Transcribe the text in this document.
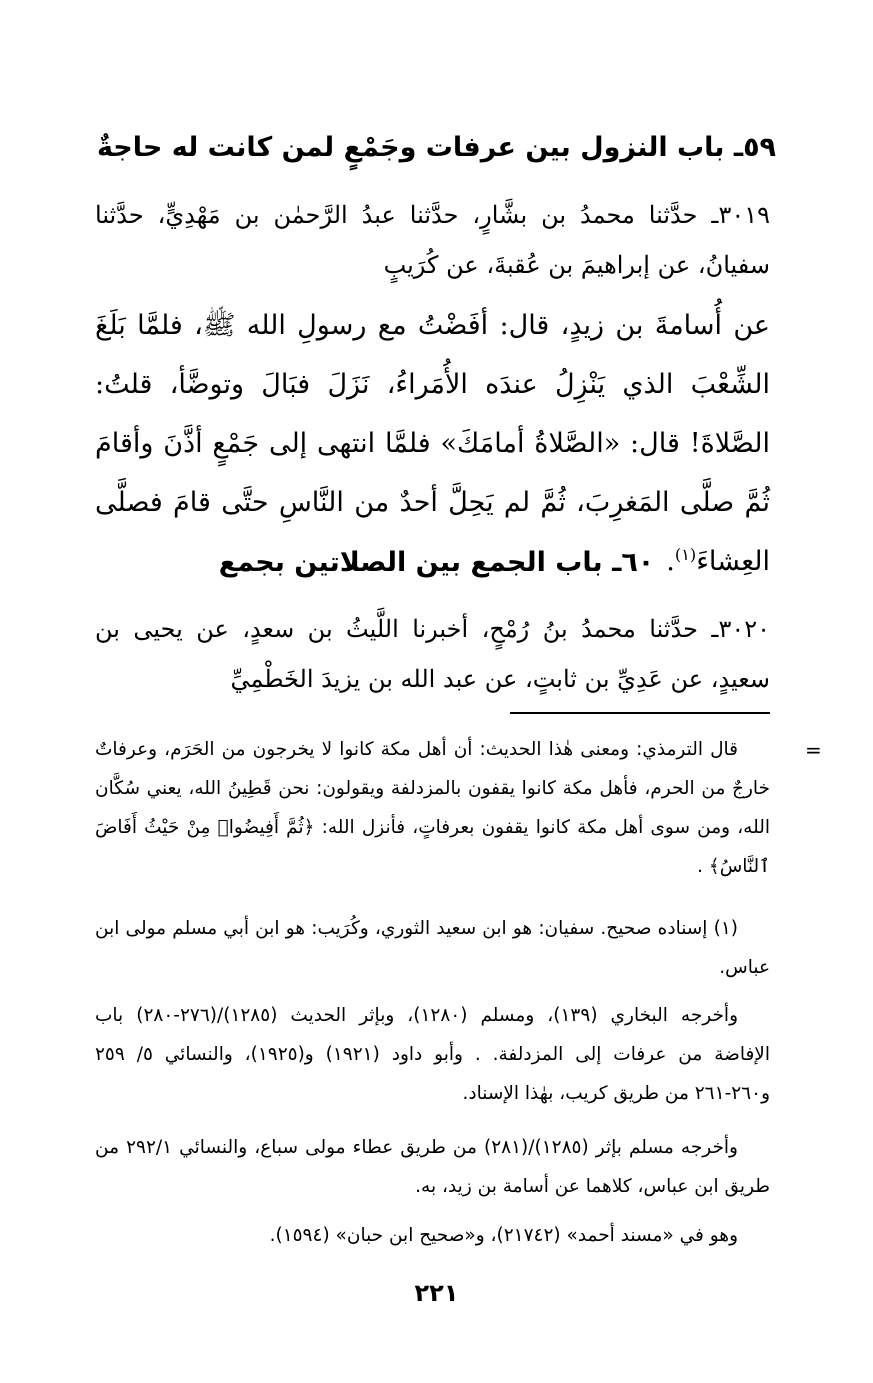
٥٩ـ باب النزول بين عرفات وجَمْعٍ لمن كانت له حاجةٌ
٣٠١٩ـ حدَّثنا محمدُ بن بشَّارٍ، حدَّثنا عبدُ الرَّحمٰن بن مَهْدِيٍّ، حدَّثنا سفيانُ، عن إبراهيمَ بن عُقبةَ، عن كُرَيبٍ
عن أُسامةَ بن زيدٍ، قال: أفَضْتُ مع رسولِ الله ﷺ، فلمَّا بَلَغَ الشِّعْبَ الذي يَنْزِلُ عندَه الأُمَراءُ، نَزَلَ فبَالَ وتوضَّأ، قلتُ: الصَّلاةَ! قال: «الصَّلاةُ أمامَكَ» فلمَّا انتهى إلى جَمْعٍ أذَّنَ وأقامَ ثُمَّ صلَّى المَغرِبَ، ثُمَّ لم يَحِلَّ أحدٌ من النَّاسِ حتَّى قامَ فصلَّى العِشاءَ$^{(١)}$.
٦٠ـ باب الجمع بين الصلاتين بجمع
٣٠٢٠ـ حدَّثنا محمدُ بنُ رُمْحٍ، أخبرنا اللَّيثُ بن سعدٍ، عن يحيى بن سعيدٍ، عن عَدِيِّ بن ثابتٍ، عن عبد الله بن يزيدَ الخَطْمِيِّ
=
قال الترمذي: ومعنى هٰذا الحديث: أن أهل مكة كانوا لا يخرجون من الحَرَم، وعرفاتٌ خارجٌ من الحرم، فأهل مكة كانوا يقفون بالمزدلفة ويقولون: نحن قَطِينُ الله، يعني سُكَّان الله، ومن سوى أهل مكة كانوا يقفون بعرفاتٍ، فأنزل الله: ﴿ثُمَّ أَفِيضُوا۟ مِنْ حَيْثُ أَفَاضَ ٱلنَّاسُ﴾ .
(١) إسناده صحيح. سفيان: هو ابن سعيد الثوري، وكُرَيب: هو ابن أبي مسلم مولى ابن عباس.
وأخرجه البخاري (١٣٩)، ومسلم (١٢٨٠)، وبإثر الحديث (١٢٨٥)/(٢٧٦-٢٨٠) باب الإفاضة من عرفات إلى المزدلفة. . وأبو داود (١٩٢١) و(١٩٢٥)، والنسائي ٥/ ٢٥٩ و٢٦٠-٢٦١ من طريق كريب، بهٰذا الإسناد.
وأخرجه مسلم بإثر (١٢٨٥)/(٢٨١) من طريق عطاء مولى سباع، والنسائي ٢٩٢/١ من طريق ابن عباس، كلاهما عن أسامة بن زيد، به.
وهو في «مسند أحمد» (٢١٧٤٢)، و«صحيح ابن حبان» (١٥٩٤).
٢٢١
